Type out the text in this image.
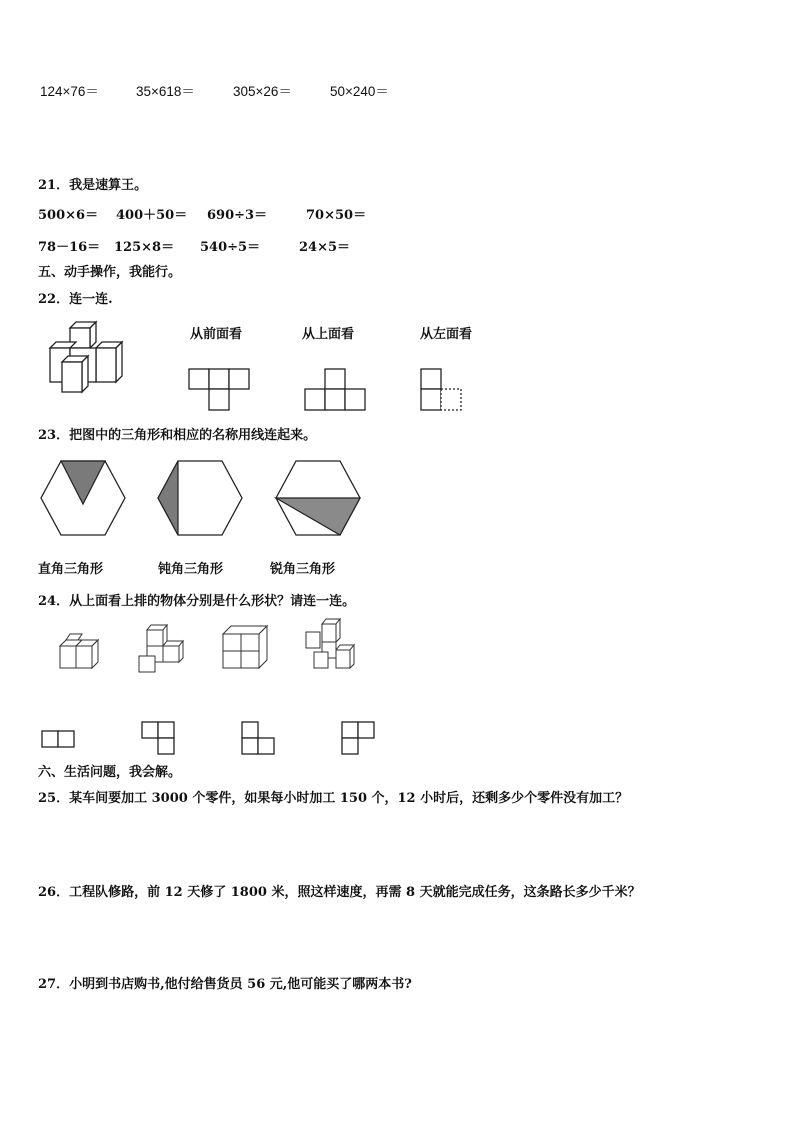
124×76＝	35×618＝	305×26＝	50×240＝
21．我是速算王。
500×6＝ 400＋50＝ 690÷3＝	70×50＝
78－16＝ 125×8＝ 540÷5＝	24×5＝
五、动手操作，我能行。
22．连一连.
从前面看	从上面看	从左面看
23．把图中的三角形和相应的名称用线连起来。
直角三角形	钝角三角形	锐角三角形
24．从上面看上排的物体分别是什么形状？请连一连。
六、生活问题，我会解。
25．某车间要加工 3000 个零件，如果每小时加工 150 个，12 小时后，还剩多少个零件没有加工？
26．工程队修路，前 12 天修了 1800 米，照这样速度，再需 8 天就能完成任务，这条路长多少千米？
27．小明到书店购书,他付给售货员 56 元,他可能买了哪两本书?
